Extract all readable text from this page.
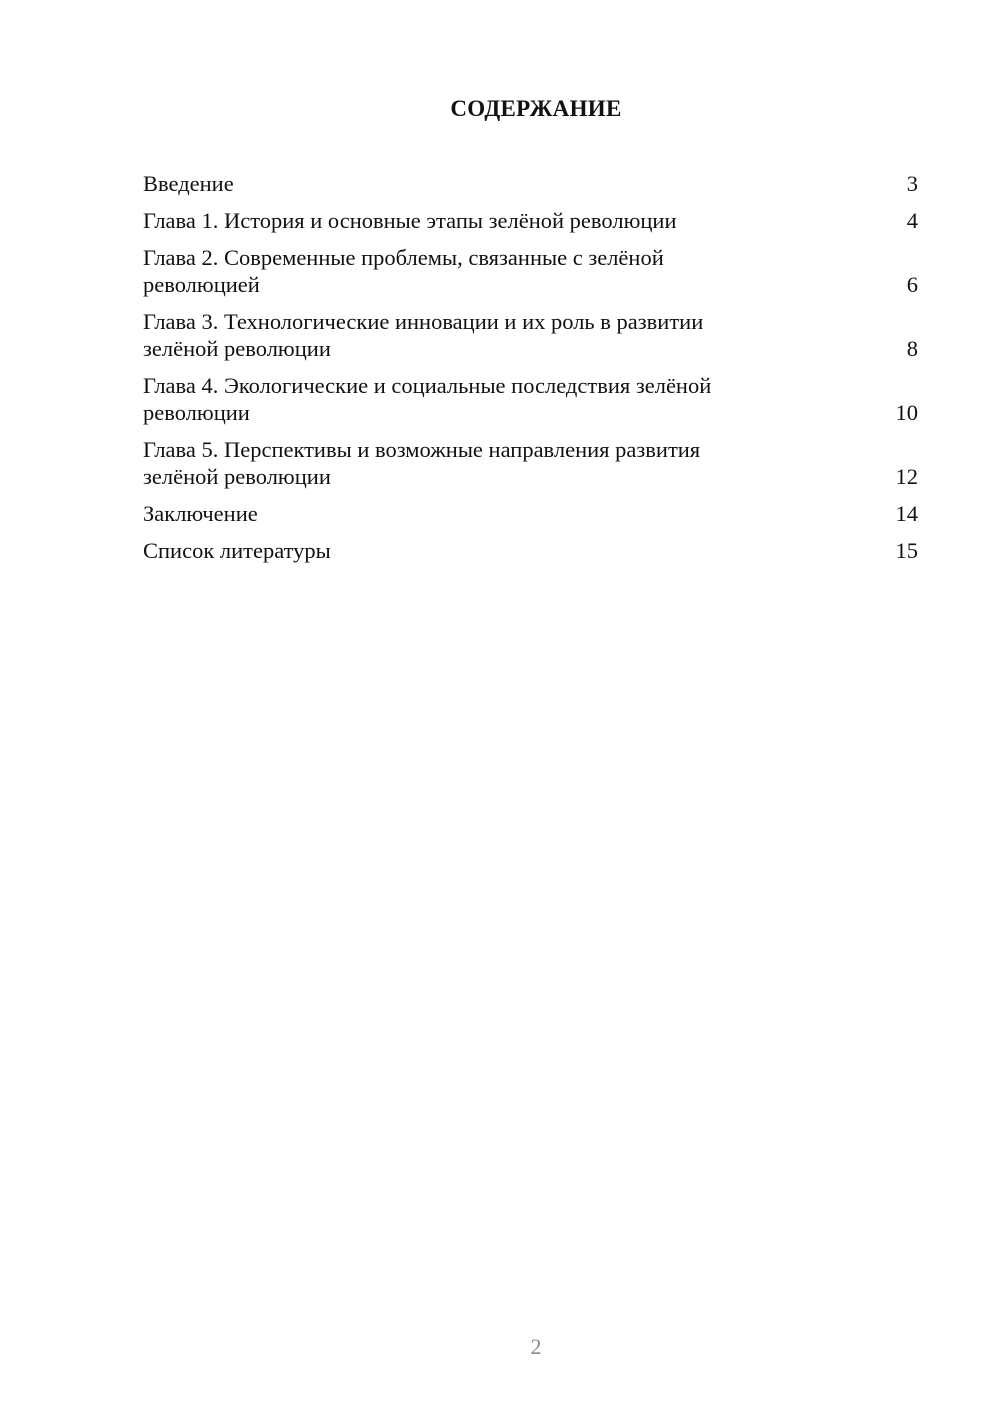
СОДЕРЖАНИЕ
Введение	3
Глава 1. История и основные этапы зелёной революции	4
Глава 2. Современные проблемы, связанные с зелёной
революцией	6
Глава 3. Технологические инновации и их роль в развитии
зелёной революции	8
Глава 4. Экологические и социальные последствия зелёной
революции	10
Глава 5. Перспективы и возможные направления развития
зелёной революции	12
Заключение	14
Список литературы	15
2
